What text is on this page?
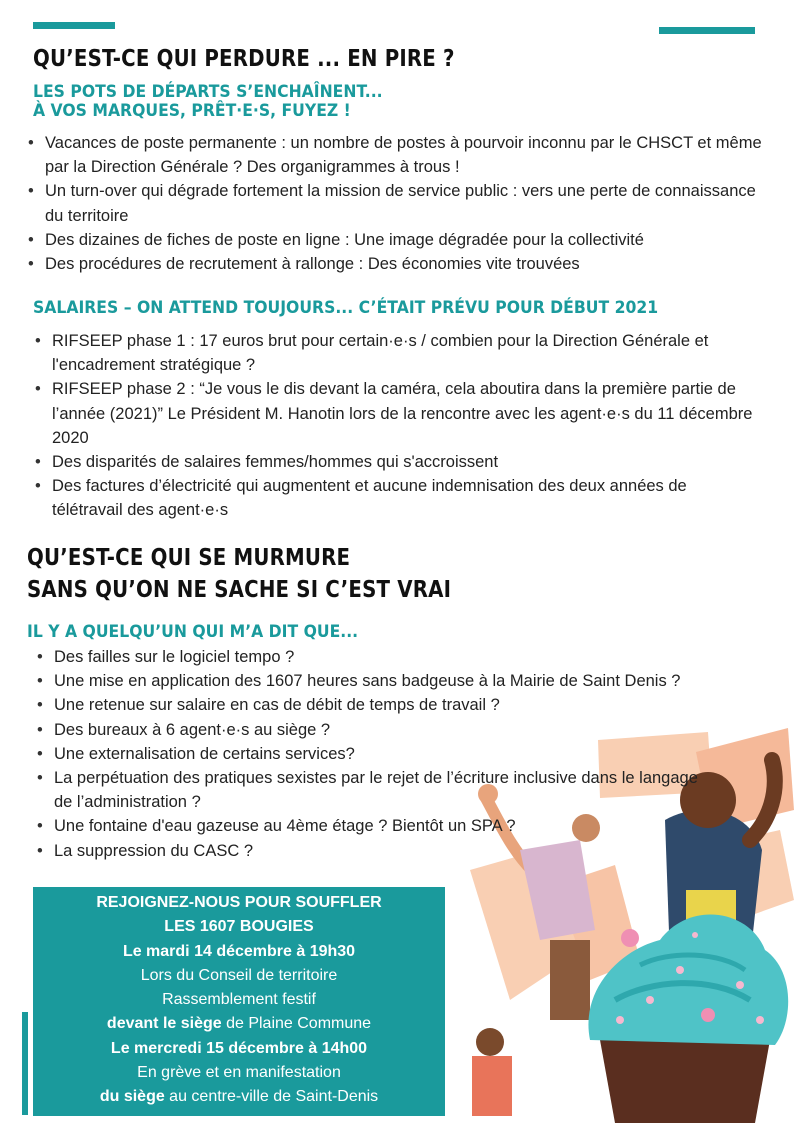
QU’EST-CE QUI PERDURE ... EN PIRE ?
LES POTS DE DÉPARTS S’ENCHAÎNENT...
À VOS MARQUES, PRÊT·E·S, FUYEZ !
• Vacances de poste permanente : un nombre de postes à pourvoir inconnu par le CHSCT et même par la Direction Générale ? Des organigrammes à trous !
• Un turn-over qui dégrade fortement la mission de service public : vers une perte de connaissance du territoire
• Des dizaines de fiches de poste en ligne : Une image dégradée pour la collectivité
• Des procédures de recrutement à rallonge : Des économies vite trouvées
SALAIRES – ON ATTEND TOUJOURS... C’ÉTAIT PRÉVU POUR DÉBUT 2021
• RIFSEEP phase 1 : 17 euros brut pour certain·e·s / combien pour la Direction Générale et l'encadrement stratégique ?
• RIFSEEP phase 2 : “Je vous le dis devant la caméra, cela aboutira dans la première partie de l’année (2021)” Le Président M. Hanotin lors de la rencontre avec les agent·e·s du 11 décembre 2020
• Des disparités de salaires femmes/hommes qui s'accroissent
• Des factures d’électricité qui augmentent et aucune indemnisation des deux années de télétravail des agent·e·s
QU’EST-CE QUI SE MURMURE
SANS QU’ON NE SACHE SI C’EST VRAI
IL Y A QUELQU’UN QUI M’A DIT QUE...
• Des failles sur le logiciel tempo ?
• Une mise en application des 1607 heures sans badgeuse à la Mairie de Saint Denis ?
• Une retenue sur salaire en cas de débit de temps de travail ?
• Des bureaux à 6 agent·e·s au siège ?
• Une externalisation de certains services?
• La perpétuation des pratiques sexistes par le rejet de l’écriture inclusive dans le langage de l’administration ?
• Une fontaine d'eau gazeuse au 4ème étage ? Bientôt un SPA ?
• La suppression du CASC ?
REJOIGNEZ-NOUS POUR SOUFFLER
LES 1607 BOUGIES
Le mardi 14 décembre à 19h30
Lors du Conseil de territoire
Rassemblement festif
devant le siège de Plaine Commune
Le mercredi 15 décembre à 14h00
En grève et en manifestation
du siège au centre-ville de Saint-Denis
